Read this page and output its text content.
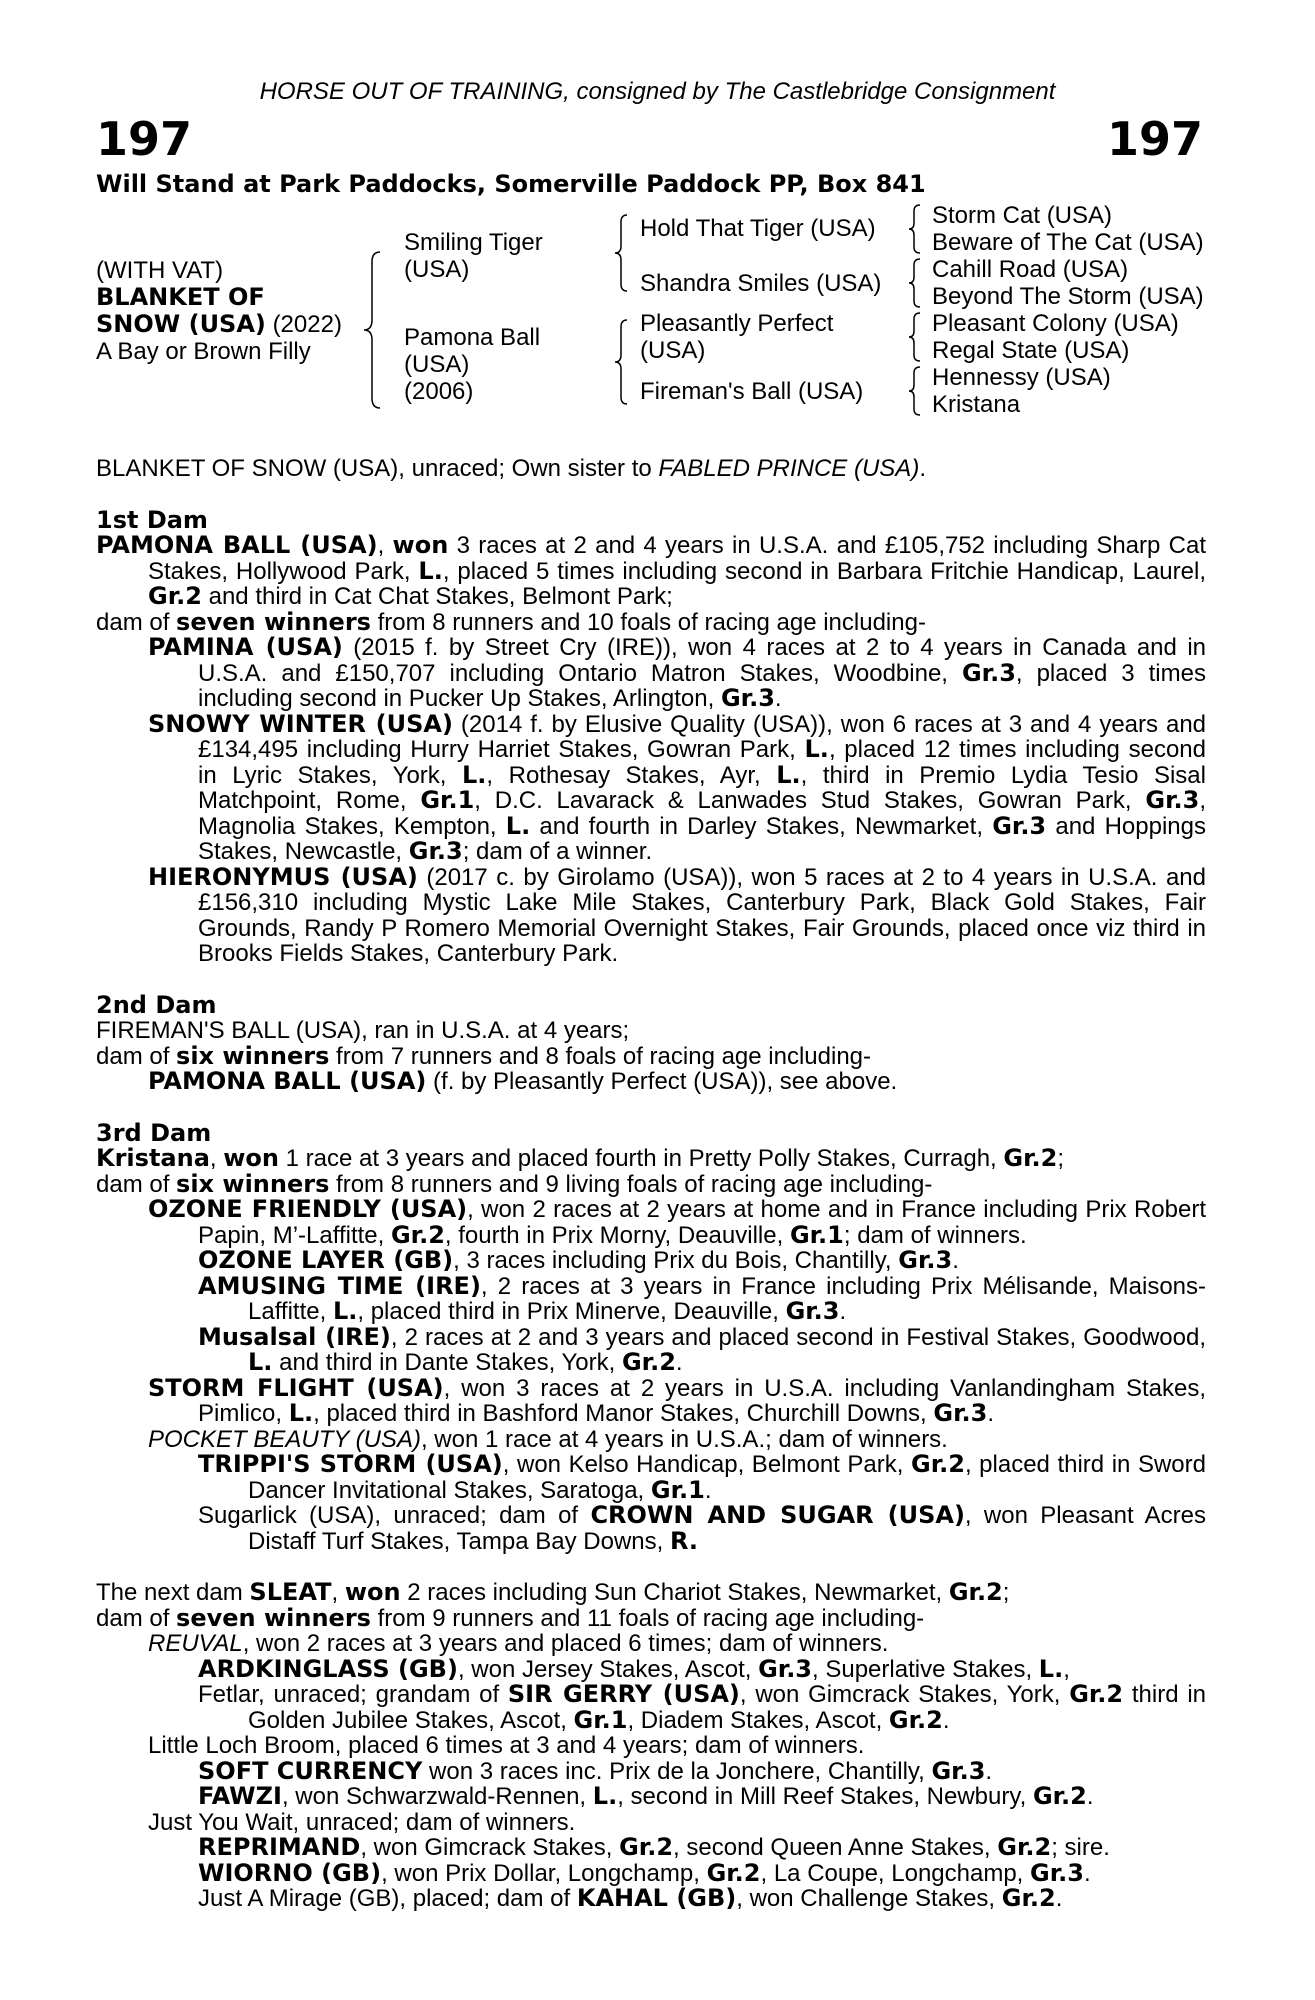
HORSE OUT OF TRAINING, consigned by The Castlebridge Consignment
197	197
Will Stand at Park Paddocks, Somerville Paddock PP, Box 841
(WITH VAT)
BLANKET OF
SNOW (USA) (2022)
A Bay or Brown Filly
Smiling Tiger
(USA)
Pamona Ball
(USA)
(2006)
Hold That Tiger (USA)
Shandra Smiles (USA)
Pleasantly Perfect
(USA)
Fireman's Ball (USA)
Storm Cat (USA)
Beware of The Cat (USA)
Cahill Road (USA)
Beyond The Storm (USA)
Pleasant Colony (USA)
Regal State (USA)
Hennessy (USA)
Kristana

BLANKET OF SNOW (USA), unraced; Own sister to FABLED PRINCE (USA).

1st Dam

PAMONA BALL (USA), won 3 races at 2 and 4 years in U.S.A. and £105,752 including Sharp Cat Stakes, Hollywood Park, L., placed 5 times including second in Barbara Fritchie Handicap, Laurel, Gr.2 and third in Cat Chat Stakes, Belmont Park;

dam of seven winners from 8 runners and 10 foals of racing age including-

PAMINA (USA) (2015 f. by Street Cry (IRE)), won 4 races at 2 to 4 years in Canada and in U.S.A. and £150,707 including Ontario Matron Stakes, Woodbine, Gr.3, placed 3 times including second in Pucker Up Stakes, Arlington, Gr.3.

SNOWY WINTER (USA) (2014 f. by Elusive Quality (USA)), won 6 races at 3 and 4 years and £134,495 including Hurry Harriet Stakes, Gowran Park, L., placed 12 times including second in Lyric Stakes, York, L., Rothesay Stakes, Ayr, L., third in Premio Lydia Tesio Sisal Matchpoint, Rome, Gr.1, D.C. Lavarack & Lanwades Stud Stakes, Gowran Park, Gr.3, Magnolia Stakes, Kempton, L. and fourth in Darley Stakes, Newmarket, Gr.3 and Hoppings Stakes, Newcastle, Gr.3; dam of a winner.

HIERONYMUS (USA) (2017 c. by Girolamo (USA)), won 5 races at 2 to 4 years in U.S.A. and £156,310 including Mystic Lake Mile Stakes, Canterbury Park, Black Gold Stakes, Fair Grounds, Randy P Romero Memorial Overnight Stakes, Fair Grounds, placed once viz third in Brooks Fields Stakes, Canterbury Park.

2nd Dam

FIREMAN'S BALL (USA), ran in U.S.A. at 4 years;

dam of six winners from 7 runners and 8 foals of racing age including-

PAMONA BALL (USA) (f. by Pleasantly Perfect (USA)), see above.

3rd Dam

Kristana, won 1 race at 3 years and placed fourth in Pretty Polly Stakes, Curragh, Gr.2;

dam of six winners from 8 runners and 9 living foals of racing age including-

OZONE FRIENDLY (USA), won 2 races at 2 years at home and in France including Prix Robert Papin, M’-Laffitte, Gr.2, fourth in Prix Morny, Deauville, Gr.1; dam of winners.

OZONE LAYER (GB), 3 races including Prix du Bois, Chantilly, Gr.3.

AMUSING TIME (IRE), 2 races at 3 years in France including Prix Mélisande, Maisons-Laffitte, L., placed third in Prix Minerve, Deauville, Gr.3.

Musalsal (IRE), 2 races at 2 and 3 years and placed second in Festival Stakes, Goodwood, L. and third in Dante Stakes, York, Gr.2.

STORM FLIGHT (USA), won 3 races at 2 years in U.S.A. including Vanlandingham Stakes, Pimlico, L., placed third in Bashford Manor Stakes, Churchill Downs, Gr.3.

POCKET BEAUTY (USA), won 1 race at 4 years in U.S.A.; dam of winners.

TRIPPI'S STORM (USA), won Kelso Handicap, Belmont Park, Gr.2, placed third in Sword Dancer Invitational Stakes, Saratoga, Gr.1.

Sugarlick (USA), unraced; dam of CROWN AND SUGAR (USA), won Pleasant Acres Distaff Turf Stakes, Tampa Bay Downs, R.

The next dam SLEAT, won 2 races including Sun Chariot Stakes, Newmarket, Gr.2;

dam of seven winners from 9 runners and 11 foals of racing age including-

REUVAL, won 2 races at 3 years and placed 6 times; dam of winners.

ARDKINGLASS (GB), won Jersey Stakes, Ascot, Gr.3, Superlative Stakes, L.,

Fetlar, unraced; grandam of SIR GERRY (USA), won Gimcrack Stakes, York, Gr.2 third in Golden Jubilee Stakes, Ascot, Gr.1, Diadem Stakes, Ascot, Gr.2.

Little Loch Broom, placed 6 times at 3 and 4 years; dam of winners.

SOFT CURRENCY won 3 races inc. Prix de la Jonchere, Chantilly, Gr.3.

FAWZI, won Schwarzwald-Rennen, L., second in Mill Reef Stakes, Newbury, Gr.2.

Just You Wait, unraced; dam of winners.

REPRIMAND, won Gimcrack Stakes, Gr.2, second Queen Anne Stakes, Gr.2; sire.

WIORNO (GB), won Prix Dollar, Longchamp, Gr.2, La Coupe, Longchamp, Gr.3.

Just A Mirage (GB), placed; dam of KAHAL (GB), won Challenge Stakes, Gr.2.
